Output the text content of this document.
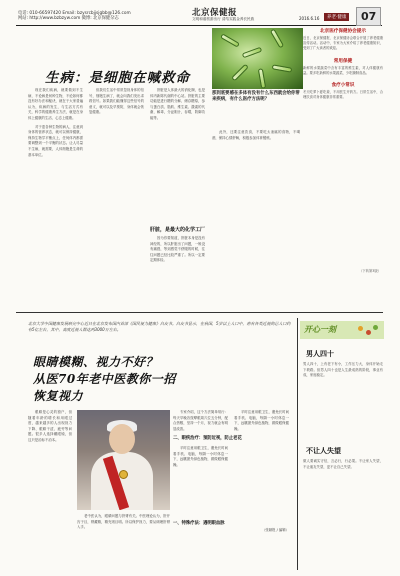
电话: 010-66597420 Email: bzysrcbjjsjgbb@126.com
网站: http://www.bzbzyw.com 微博: 北京保健杂志
北京保健报
文明和谐旅游出行 清结实践金养长民族	2016.6.16	养老·健康	07
生病：是细胞在喊救命
那到底要感在多体有没有什么东西就会给你带来疾病，有什么医疗方法呢？

现在我们疾病，就要做到不生病，不论病是何种生物，不论如何都没有好办法和秘诀，就在于大家普遍认为，疾病的发生，与生活方式有关，科学的健康养生方法，就是在身体上健康的生活、心态上健康。

对于患各种生物的病人，注意到身体的营养状态，就可以保持健康，保持生物学平衡点上，任何体内都需要调整到一个平衡的状态。让人尽量不生病，就需要，人体细胞是生命的基本单位。

但我们生活中常常忽视身体的信号，细胞生病了，就会向我们发出求救信号。如果我们能懂得这些信号的意义，就可以及早预防，身体就会恢复健康。

肝脏，是最大的化学工厂

肝脏是人体最大的消化腺，也是体内新陈代谢的中心站。肝脏的主要功能是进行糖的分解、储存糖原，参与蛋白质、脂肪、维生素、激素的代谢，解毒，分泌胆汁，吞噬，防御功能等。

因为你要知道，肝脏本身是没有神经的，所以肝脏出了问题，一般没有痛感，等到感觉不舒服的时候，往往问题已经比较严重了。所以一定要定期体检。

此外，还要注意饮食，不要吃太油腻的食物，不喝酒，保持心情舒畅，积极参加体育锻炼。

北京医疗保健协会提示
近日，北京保健报、北京保健协会联合开展了养老健康宣传活动。活动中，专家为大家介绍了养老健康知识，受到了广大读者的欢迎。
常用保健
新鲜的水果蔬菜中含有丰富的维生素，对人体健康有益。要多吃新鲜的水果蔬菜，少吃腌制食品。
食疗小常识
冬天吃萝卜夏吃姜，不用医生开药方。日常生活中，合理饮食对身体健康非常重要。
（下转第3版）
北京大学中国健康发展研究中心近日在北京发布国内首部《国民视力健康》白皮书。白皮书显示，在我国，5岁以上人口中，患有各类近视的总人口约有5亿左右，其中，高度近视人群达到3000万左右。
眼睛模糊、视力不好？
从医70年老中医教你一招
恢复视力

眼睛是心灵的窗户，但随着年龄的增长和用眼过度，越来越多的人出现视力下降、眼睛干涩、疲劳等问题。很多人选择戴眼镜，但这只是治标不治本。

老中医认为，眼睛问题与肝肾有关。中医理论认为，肝开窍于目，肾藏精，精充则目明。所以保护视力，要从调理肝肾入手。

二、眼疾治疗：预防近视，防止老花

专家介绍，这个方法简单易行：每天早晚各按摩眼周穴位五分钟，配合热敷，坚持一个月，视力就会有明显改善。

平时注意用眼卫生，避免长时间看手机、电脑，每隔一小时休息一下，远眺窗外绿色植物，做做眼保健操。

一、特殊疗法：遇明眼血脉

平时注意用眼卫生，避免长时间看手机、电脑，每隔一小时休息一下，远眺窗外绿色植物，做做眼保健操。

（张颖报 / 编辑）
开心一刻
男人四十
男人四十，上有老下有小，工作压力大，身体开始走下坡路。但男人四十也是人生最成熟的阶段，事业有成，家庭稳定。
不让人失望
做人要诚实守信，言必行，行必果。不让家人失望，不让朋友失望，更不让自己失望。
